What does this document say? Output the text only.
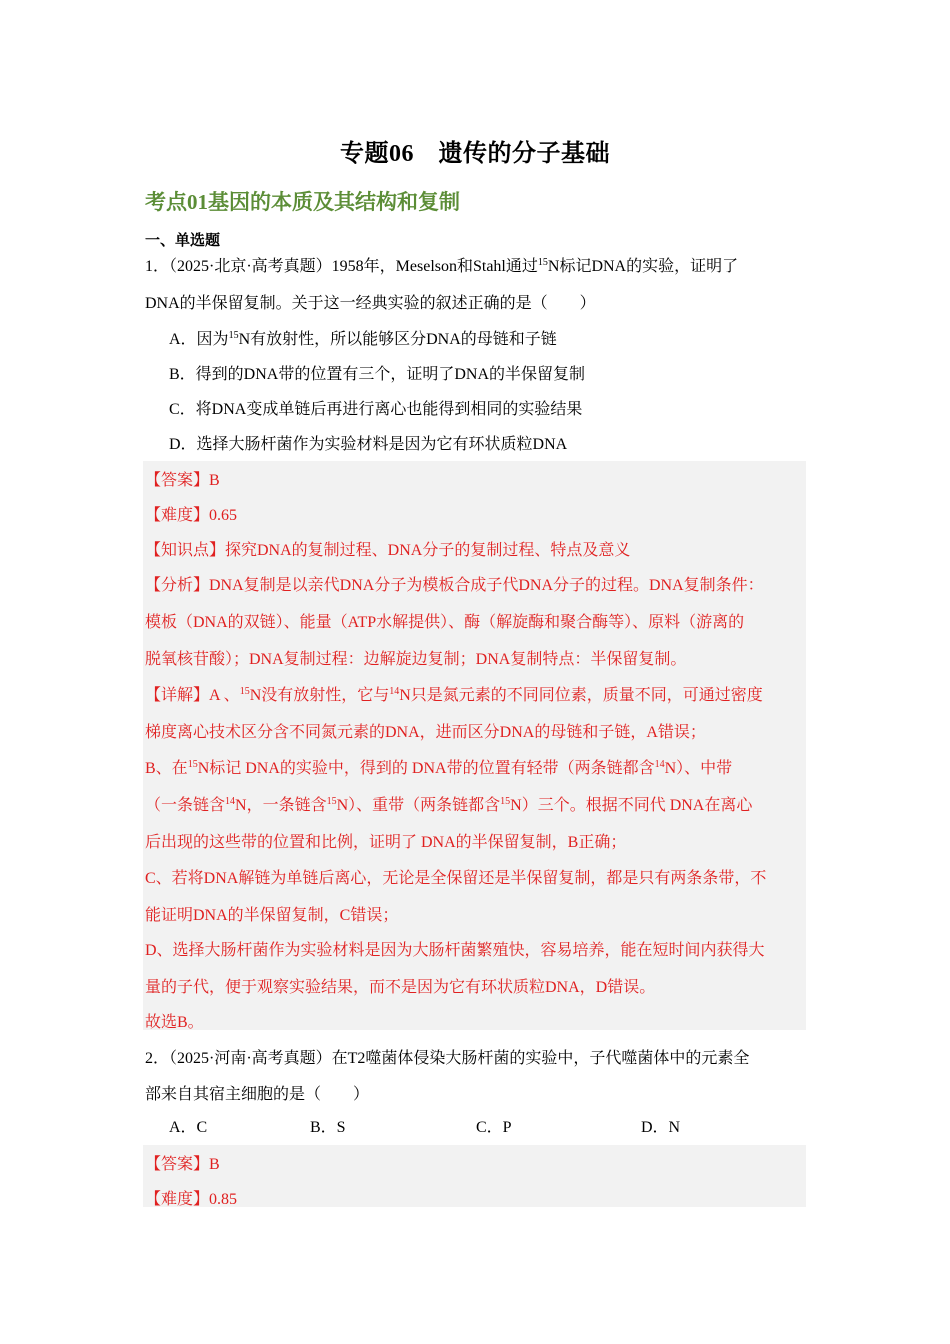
专题06　遗传的分子基础
考点01基因的本质及其结构和复制
一、单选题
1．（2025·北京·高考真题）1958年，Meselson和Stahl通过$^{15}$N标记DNA的实验，证明了
DNA的半保留复制。关于这一经典实验的叙述正确的是（　　）
A．因为$^{15}$N有放射性，所以能够区分DNA的母链和子链
B．得到的DNA带的位置有三个，证明了DNA的半保留复制
C．将DNA变成单链后再进行离心也能得到相同的实验结果
D．选择大肠杆菌作为实验材料是因为它有环状质粒DNA
【答案】B
【难度】0.65
【知识点】探究DNA的复制过程、DNA分子的复制过程、特点及意义
【分析】DNA复制是以亲代DNA分子为模板合成子代DNA分子的过程。DNA复制条件：
模板（DNA的双链）、能量（ATP水解提供）、酶（解旋酶和聚合酶等）、原料（游离的
脱氧核苷酸）；DNA复制过程：边解旋边复制；DNA复制特点：半保留复制。
【详解】A 、$^{15}$N没有放射性，它与$^{14}$N只是氮元素的不同同位素，质量不同，可通过密度
梯度离心技术区分含不同氮元素的DNA，进而区分DNA的母链和子链，A错误；
B、在$^{15}$N标记 DNA的实验中，得到的 DNA带的位置有轻带（两条链都含$^{14}$N）、中带
（一条链含$^{14}$N，一条链含$^{15}$N）、重带（两条链都含$^{15}$N）三个。根据不同代 DNA在离心
后出现的这些带的位置和比例，证明了 DNA的半保留复制，B正确；
C、若将DNA解链为单链后离心，无论是全保留还是半保留复制，都是只有两条条带，不
能证明DNA的半保留复制，C错误；
D、选择大肠杆菌作为实验材料是因为大肠杆菌繁殖快，容易培养，能在短时间内获得大
量的子代，便于观察实验结果，而不是因为它有环状质粒DNA，D错误。
故选B。
2．（2025·河南·高考真题）在T2噬菌体侵染大肠杆菌的实验中，子代噬菌体中的元素全
部来自其宿主细胞的是（　　）
A．C	B．S	C．P	D．N
【答案】B
【难度】0.85
